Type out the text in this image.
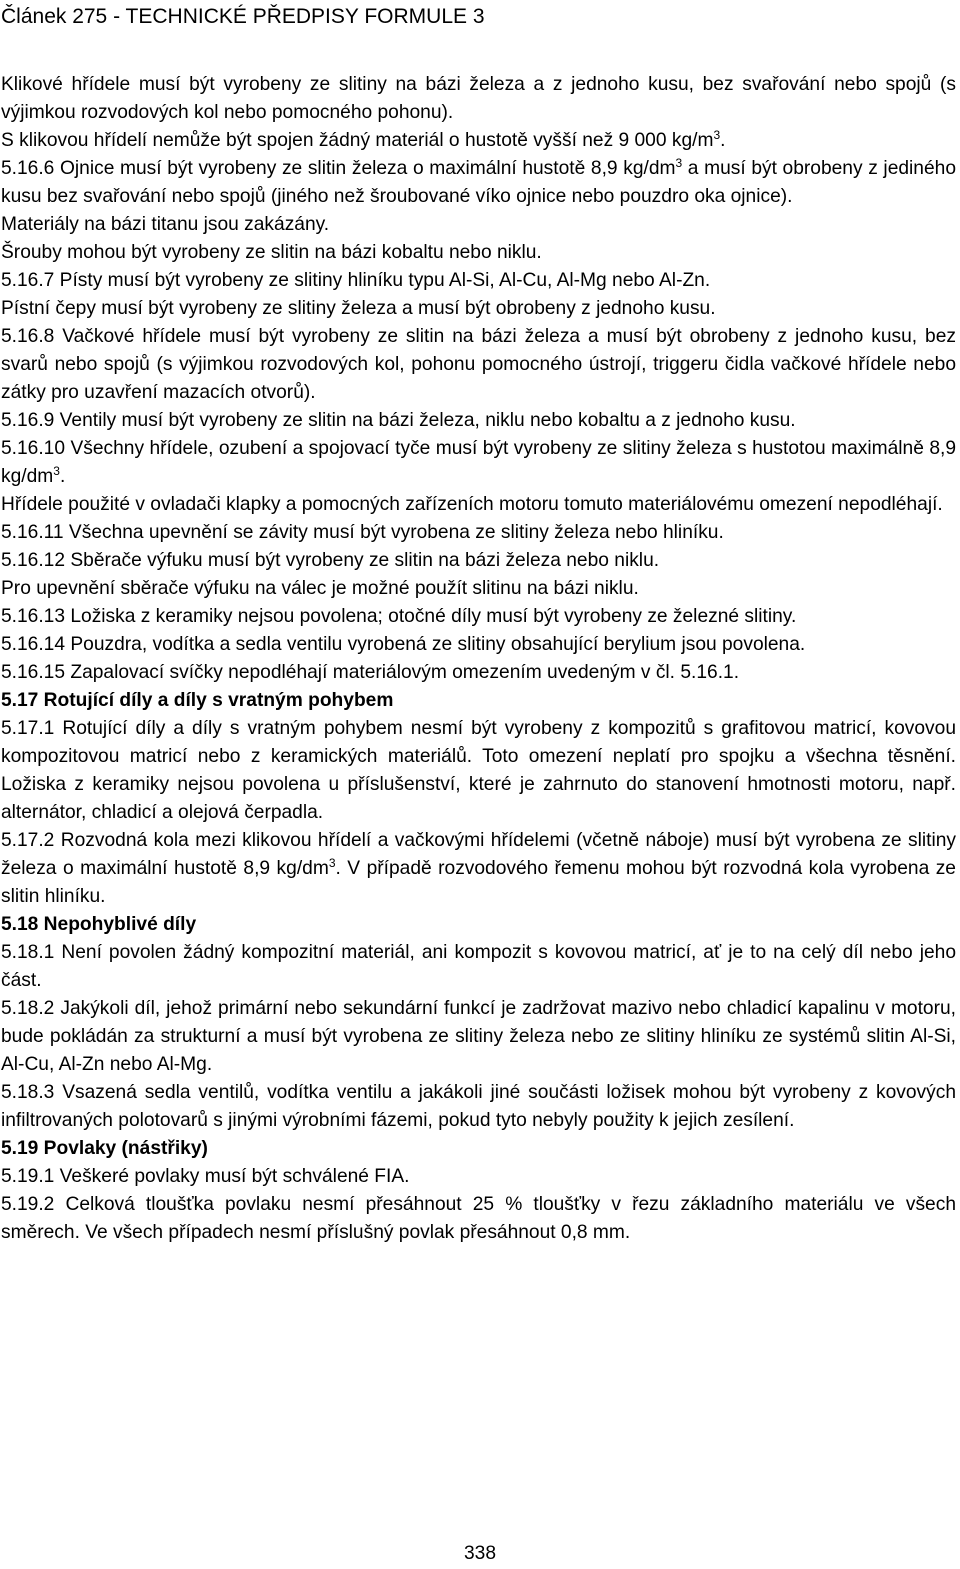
Článek 275 - TECHNICKÉ PŘEDPISY FORMULE 3

Klikové hřídele musí být vyrobeny ze slitiny na bázi železa a z jednoho kusu, bez svařování nebo spojů (s výjimkou rozvodových kol nebo pomocného pohonu).

S klikovou hřídelí nemůže být spojen žádný materiál o hustotě vyšší než 9 000 $kg/m^3$.

5.16.6 Ojnice musí být vyrobeny ze slitin železa o maximální hustotě 8,9 $kg/dm^3$ a musí být obrobeny z jediného kusu bez svařování nebo spojů (jiného než šroubované víko ojnice nebo pouzdro oka ojnice).

Materiály na bázi titanu jsou zakázány.

Šrouby mohou být vyrobeny ze slitin na bázi kobaltu nebo niklu.

5.16.7 Písty musí být vyrobeny ze slitiny hliníku typu Al-Si, Al-Cu, Al-Mg nebo Al-Zn.

Pístní čepy musí být vyrobeny ze slitiny železa a musí být obrobeny z jednoho kusu.

5.16.8 Vačkové hřídele musí být vyrobeny ze slitin na bázi železa a musí být obrobeny z jednoho kusu, bez svarů nebo spojů (s výjimkou rozvodových kol, pohonu pomocného ústrojí, triggeru čidla vačkové hřídele nebo zátky pro uzavření mazacích otvorů).

5.16.9 Ventily musí být vyrobeny ze slitin na bázi železa, niklu nebo kobaltu a z jednoho kusu.

5.16.10 Všechny hřídele, ozubení a spojovací tyče musí být vyrobeny ze slitiny železa s hustotou maximálně 8,9 $kg/dm^3$.

Hřídele použité v ovladači klapky a pomocných zařízeních motoru tomuto materiálovému omezení nepodléhají.

5.16.11 Všechna upevnění se závity musí být vyrobena ze slitiny železa nebo hliníku.

5.16.12 Sběrače výfuku musí být vyrobeny ze slitin na bázi železa nebo niklu.

Pro upevnění sběrače výfuku na válec je možné použít slitinu na bázi niklu.

5.16.13 Ložiska z keramiky nejsou povolena; otočné díly musí být vyrobeny ze železné slitiny.

5.16.14 Pouzdra, vodítka a sedla ventilu vyrobená ze slitiny obsahující berylium jsou povolena.

5.16.15 Zapalovací svíčky nepodléhají materiálovým omezením uvedeným v čl. 5.16.1.

5.17 Rotující díly a díly s vratným pohybem

5.17.1 Rotující díly a díly s vratným pohybem nesmí být vyrobeny z kompozitů s grafitovou matricí, kovovou kompozitovou matricí nebo z keramických materiálů. Toto omezení neplatí pro spojku a všechna těsnění. Ložiska z keramiky nejsou povolena u příslušenství, které je zahrnuto do stanovení hmotnosti motoru, např. alternátor, chladicí a olejová čerpadla.

5.17.2 Rozvodná kola mezi klikovou hřídelí a vačkovými hřídelemi (včetně náboje) musí být vyrobena ze slitiny železa o maximální hustotě 8,9 $kg/dm^3$. V případě rozvodového řemenu mohou být rozvodná kola vyrobena ze slitin hliníku.

5.18 Nepohyblivé díly

5.18.1 Není povolen žádný kompozitní materiál, ani kompozit s kovovou matricí, ať je to na celý díl nebo jeho část.

5.18.2 Jakýkoli díl, jehož primární nebo sekundární funkcí je zadržovat mazivo nebo chladicí kapalinu v motoru, bude pokládán za strukturní a musí být vyrobena ze slitiny železa nebo ze slitiny hliníku ze systémů slitin Al-Si, Al-Cu, Al-Zn nebo Al-Mg.

5.18.3 Vsazená sedla ventilů, vodítka ventilu a jakákoli jiné součásti ložisek mohou být vyrobeny z kovových infiltrovaných polotovarů s jinými výrobními fázemi, pokud tyto nebyly použity k jejich zesílení.

5.19 Povlaky (nástřiky)

5.19.1 Veškeré povlaky musí být schválené FIA.

5.19.2 Celková tloušťka povlaku nesmí přesáhnout 25 % tloušťky v řezu základního materiálu ve všech směrech. Ve všech případech nesmí příslušný povlak přesáhnout 0,8 mm.

338
